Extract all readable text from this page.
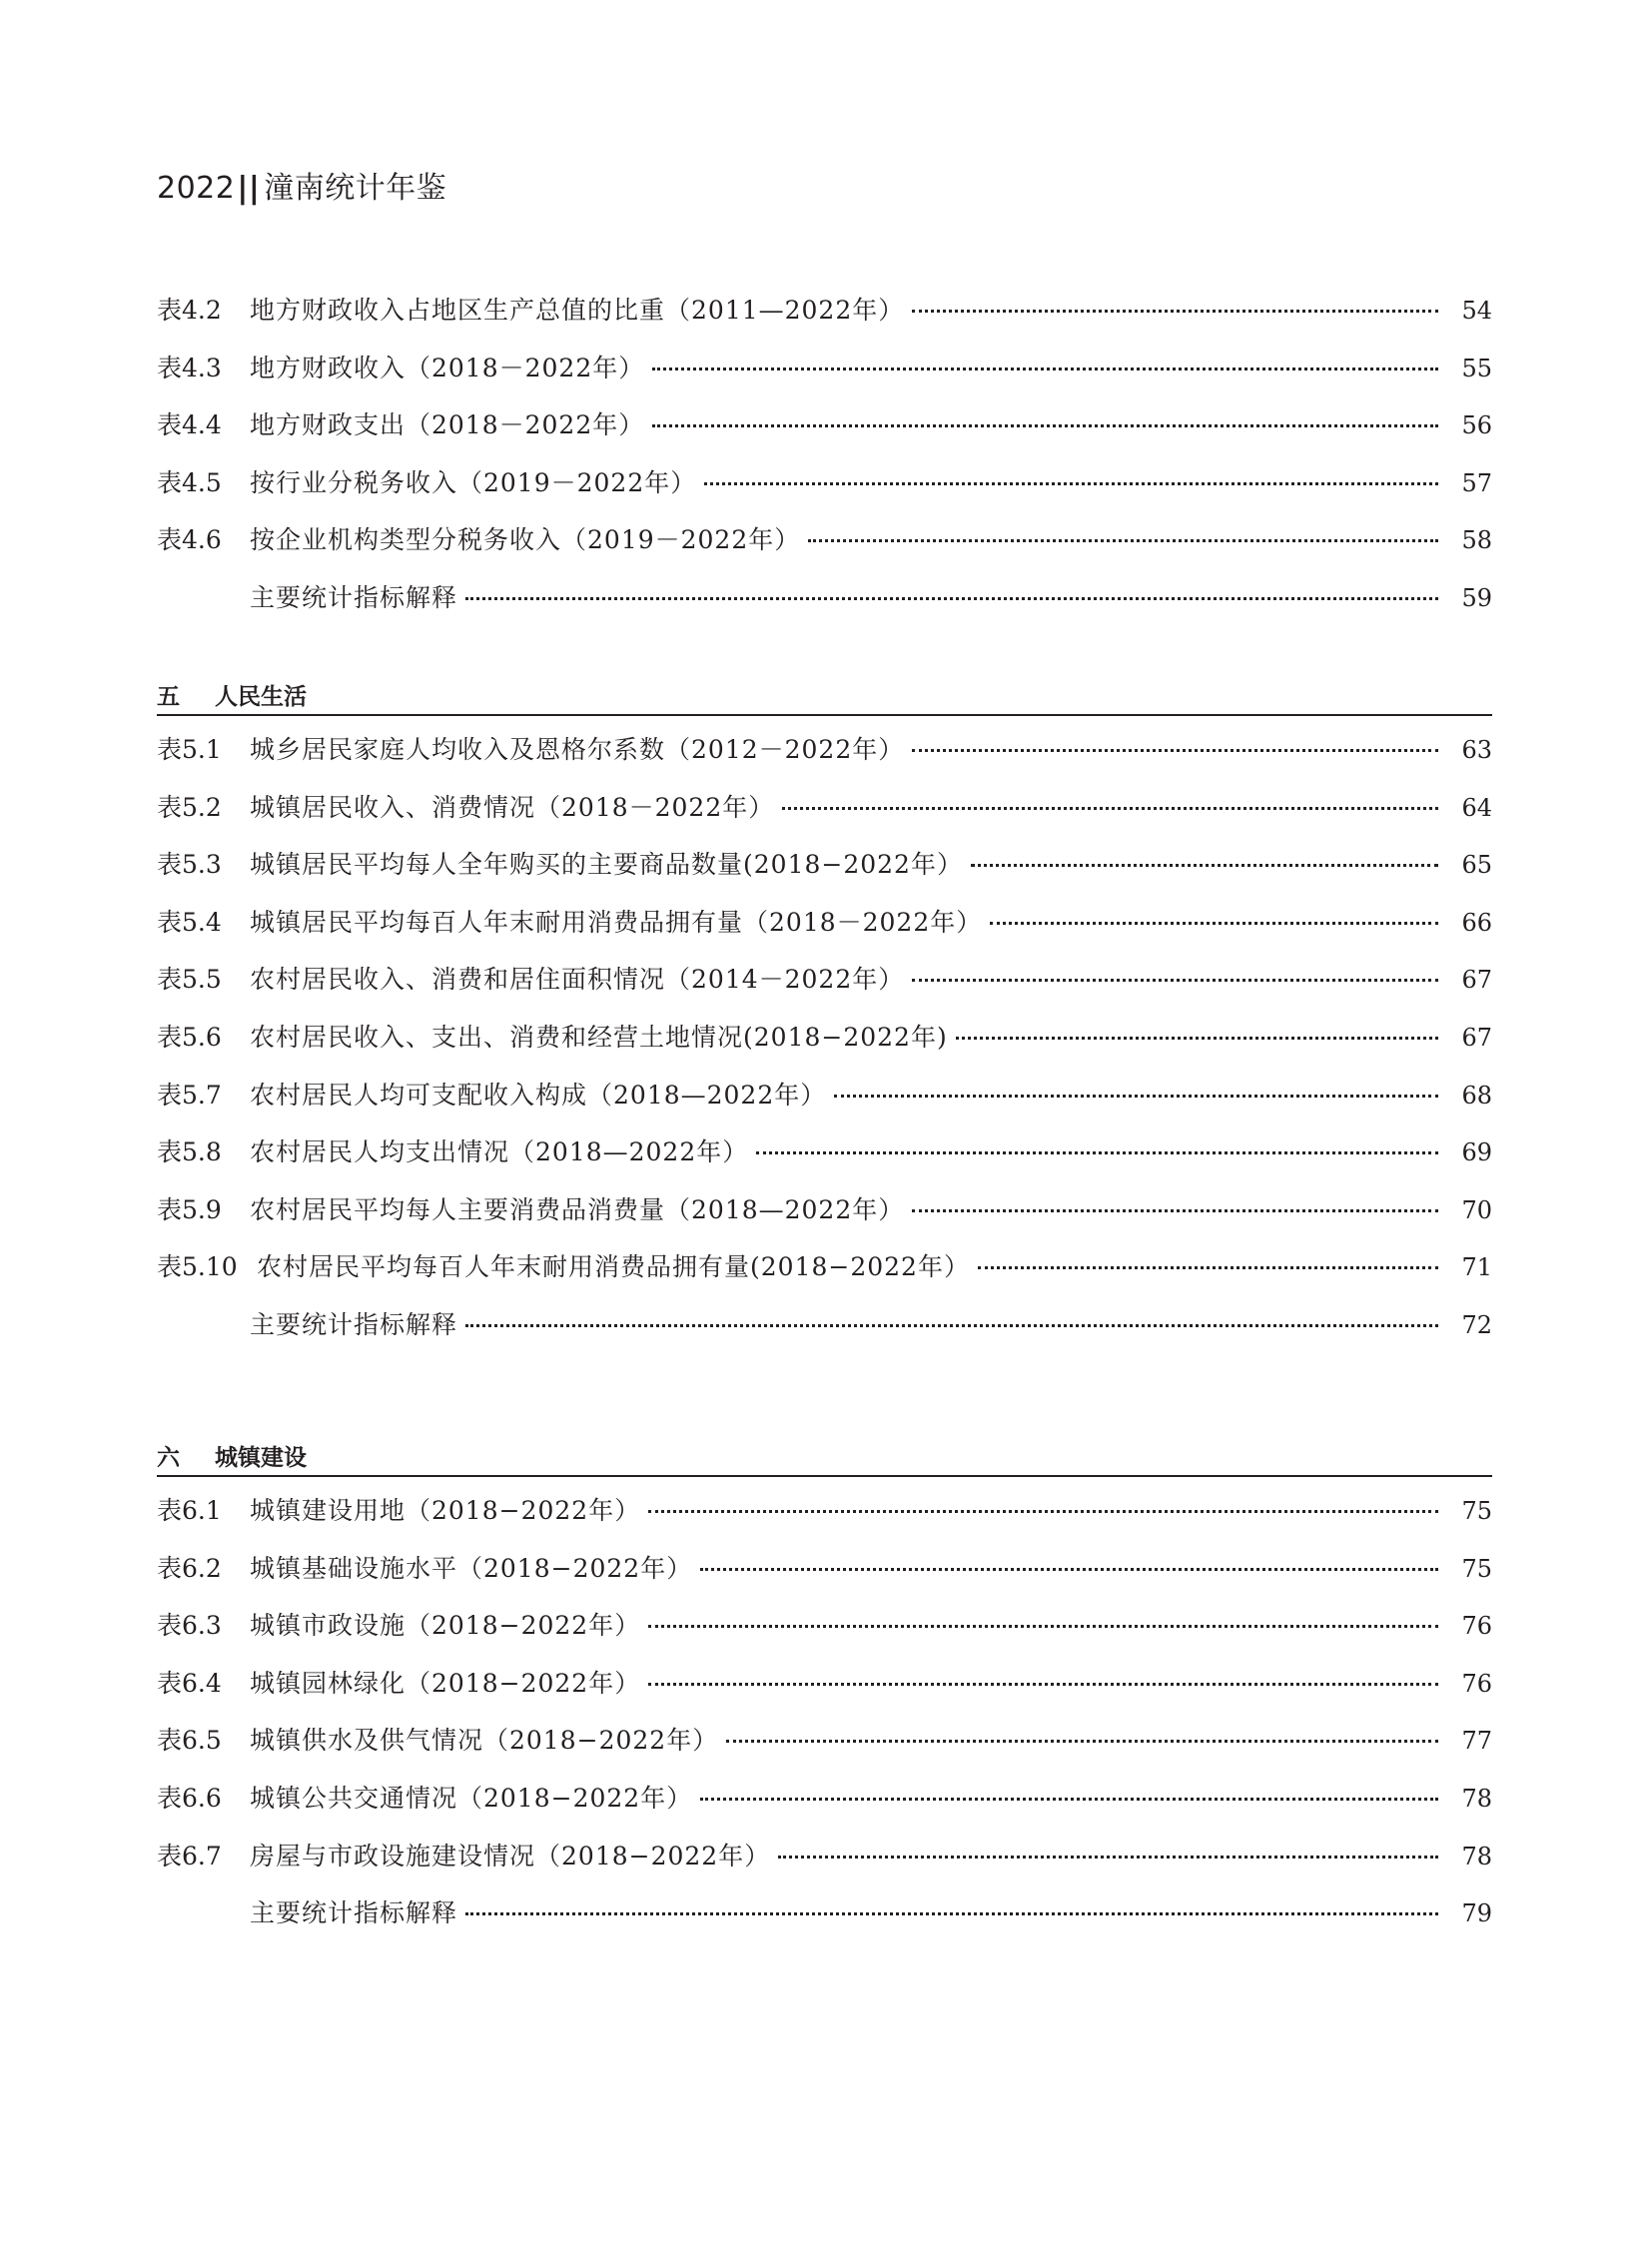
2022|| 潼南统计年鉴
表4.2	地方财政收入占地区生产总值的比重（2011—2022年）	54
表4.3	地方财政收入（2018－2022年）	55
表4.4	地方财政支出（2018－2022年）	56
表4.5	按行业分税务收入（2019－2022年）	57
表4.6	按企业机构类型分税务收入（2019－2022年）	58
主要统计指标解释	59
五 人民生活
表5.1	城乡居民家庭人均收入及恩格尔系数（2012－2022年）	63
表5.2	城镇居民收入、消费情况（2018－2022年）	64
表5.3	城镇居民平均每人全年购买的主要商品数量(2018−2022年）	65
表5.4	城镇居民平均每百人年末耐用消费品拥有量（2018－2022年）	66
表5.5	农村居民收入、消费和居住面积情况（2014－2022年）	67
表5.6	农村居民收入、支出、消费和经营土地情况(2018−2022年)	67
表5.7	农村居民人均可支配收入构成（2018—2022年）	68
表5.8	农村居民人均支出情况（2018—2022年）	69
表5.9	农村居民平均每人主要消费品消费量（2018—2022年）	70
表5.10 农村居民平均每百人年末耐用消费品拥有量(2018−2022年）	71
主要统计指标解释	72
六 城镇建设
表6.1	城镇建设用地（2018−2022年）	75
表6.2	城镇基础设施水平（2018−2022年）	75
表6.3	城镇市政设施（2018−2022年）	76
表6.4	城镇园林绿化（2018−2022年）	76
表6.5	城镇供水及供气情况（2018−2022年）	77
表6.6	城镇公共交通情况（2018−2022年）	78
表6.7	房屋与市政设施建设情况（2018−2022年）	78
主要统计指标解释	79
